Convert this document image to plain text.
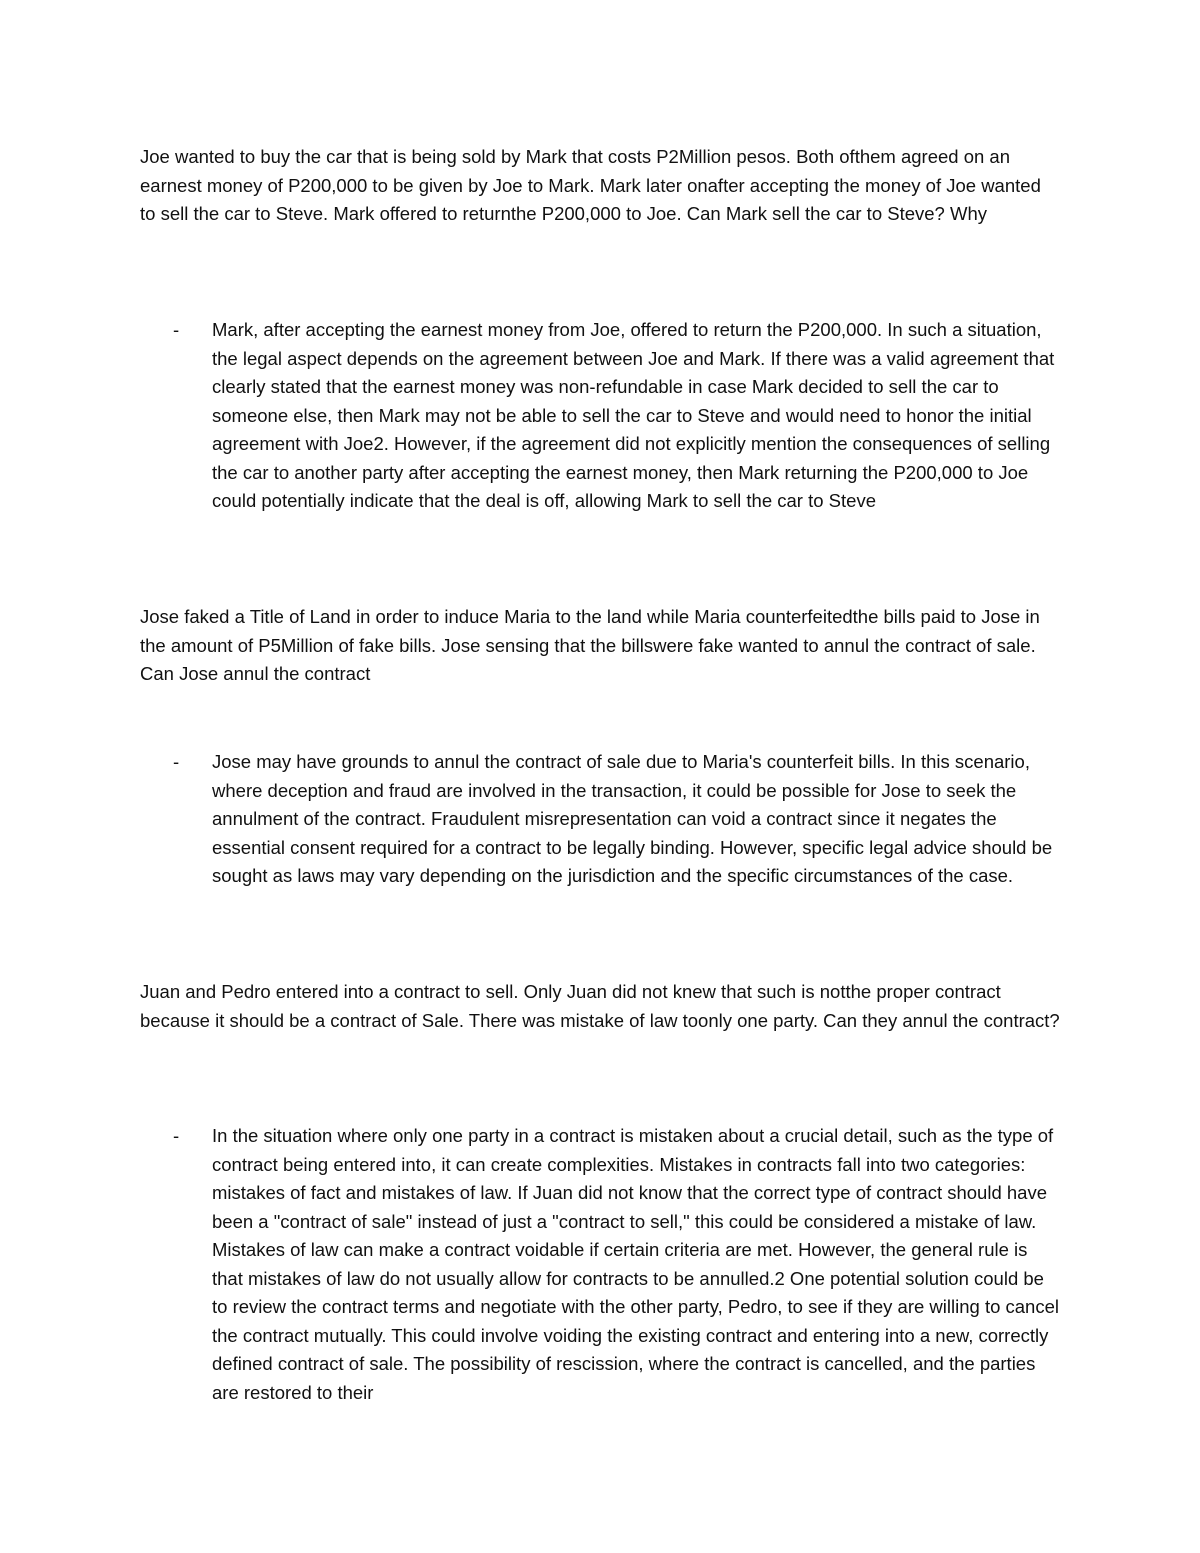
Joe wanted to buy the car that is being sold by Mark that costs P2Million pesos. Both ofthem agreed on an earnest money of P200,000 to be given by Joe to Mark. Mark later onafter accepting the money of Joe wanted to sell the car to Steve. Mark offered to returnthe P200,000 to Joe. Can Mark sell the car to Steve? Why

- Mark, after accepting the earnest money from Joe, offered to return the P200,000. In such a situation, the legal aspect depends on the agreement between Joe and Mark. If there was a valid agreement that clearly stated that the earnest money was non-refundable in case Mark decided to sell the car to someone else, then Mark may not be able to sell the car to Steve and would need to honor the initial agreement with Joe2. However, if the agreement did not explicitly mention the consequences of selling the car to another party after accepting the earnest money, then Mark returning the P200,000 to Joe could potentially indicate that the deal is off, allowing Mark to sell the car to Steve

Jose faked a Title of Land in order to induce Maria to the land while Maria counterfeitedthe bills paid to Jose in the amount of P5Million of fake bills. Jose sensing that the billswere fake wanted to annul the contract of sale. Can Jose annul the contract

- Jose may have grounds to annul the contract of sale due to Maria's counterfeit bills. In this scenario, where deception and fraud are involved in the transaction, it could be possible for Jose to seek the annulment of the contract. Fraudulent misrepresentation can void a contract since it negates the essential consent required for a contract to be legally binding. However, specific legal advice should be sought as laws may vary depending on the jurisdiction and the specific circumstances of the case.

Juan and Pedro entered into a contract to sell. Only Juan did not knew that such is notthe proper contract because it should be a contract of Sale. There was mistake of law toonly one party. Can they annul the contract?

- In the situation where only one party in a contract is mistaken about a crucial detail, such as the type of contract being entered into, it can create complexities. Mistakes in contracts fall into two categories: mistakes of fact and mistakes of law. If Juan did not know that the correct type of contract should have been a "contract of sale" instead of just a "contract to sell," this could be considered a mistake of law. Mistakes of law can make a contract voidable if certain criteria are met. However, the general rule is that mistakes of law do not usually allow for contracts to be annulled.2 One potential solution could be to review the contract terms and negotiate with the other party, Pedro, to see if they are willing to cancel the contract mutually. This could involve voiding the existing contract and entering into a new, correctly defined contract of sale. The possibility of rescission, where the contract is cancelled, and the parties are restored to their
